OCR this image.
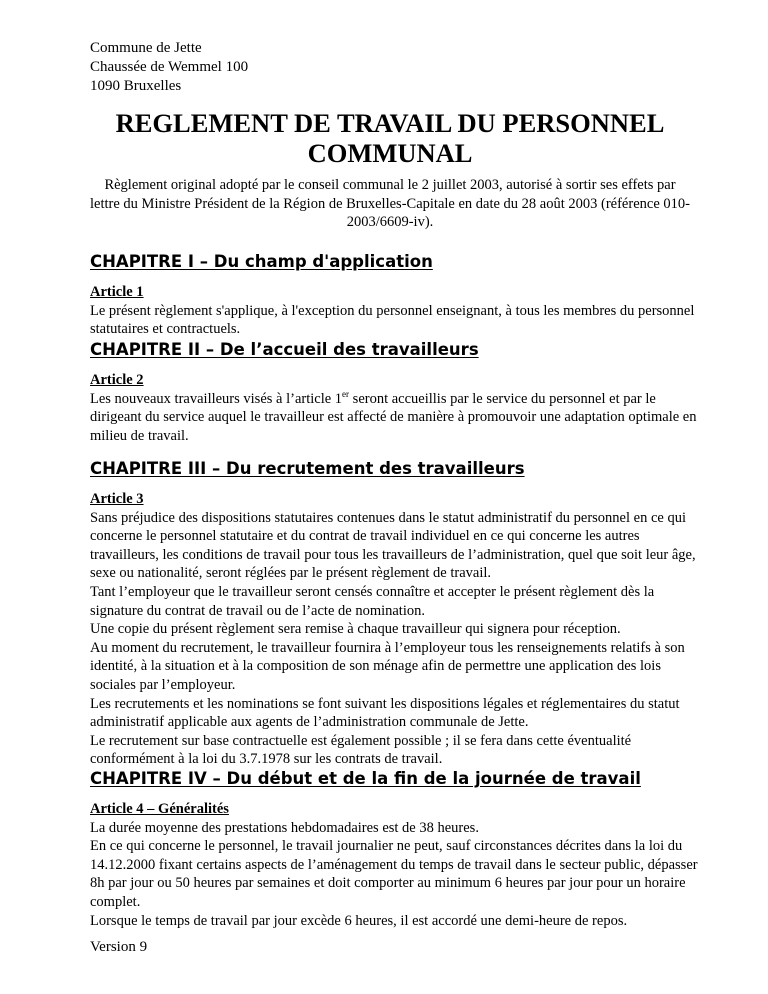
Commune de Jette
Chaussée de Wemmel 100
1090 Bruxelles
REGLEMENT DE TRAVAIL DU PERSONNEL
COMMUNAL
Règlement original adopté par le conseil communal le 2 juillet 2003, autorisé à sortir ses effets par lettre du Ministre Président de la Région de Bruxelles-Capitale en date du 28 août 2003 (référence 010-2003/6609-iv).
CHAPITRE I – Du champ d'application
Article 1

Le présent règlement s'applique, à l'exception du personnel enseignant, à tous les membres du personnel statutaires et contractuels.

CHAPITRE II – De l’accueil des travailleurs
Article 2

Les nouveaux travailleurs visés à l’article 1er seront accueillis par le service du personnel et par le dirigeant du service auquel le travailleur est affecté de manière à promouvoir une adaptation optimale en milieu de travail.

CHAPITRE III – Du recrutement des travailleurs
Article 3

Sans préjudice des dispositions statutaires contenues dans le statut administratif du personnel en ce qui concerne le personnel statutaire et du contrat de travail individuel en ce qui concerne les autres travailleurs, les conditions de travail pour tous les travailleurs de l’administration, quel que soit leur âge, sexe ou nationalité, seront réglées par le présent règlement de travail.

Tant l’employeur que le travailleur seront censés connaître et accepter le présent règlement dès la signature du contrat de travail ou de l’acte de nomination.

Une copie du présent règlement sera remise à chaque travailleur qui signera pour réception.

Au moment du recrutement, le travailleur fournira à l’employeur tous les renseignements relatifs à son identité, à la situation et à la composition de son ménage afin de permettre une application des lois sociales par l’employeur.

Les recrutements et les nominations se font suivant les dispositions légales et réglementaires du statut administratif applicable aux agents de l’administration communale de Jette.

Le recrutement sur base contractuelle est également possible ; il se fera dans cette éventualité conformément à la loi du 3.7.1978 sur les contrats de travail.

CHAPITRE IV – Du début et de la fin de la journée de travail
Article 4 – Généralités

La durée moyenne des prestations hebdomadaires est de 38 heures.

En ce qui concerne le personnel, le travail journalier ne peut, sauf circonstances décrites dans la loi du 14.12.2000 fixant certains aspects de l’aménagement du temps de travail dans le secteur public, dépasser 8h par jour ou 50 heures par semaines et doit comporter au minimum 6 heures par jour pour un horaire complet.

Lorsque le temps de travail par jour excède 6 heures, il est accordé une demi-heure de repos.

Version 9
